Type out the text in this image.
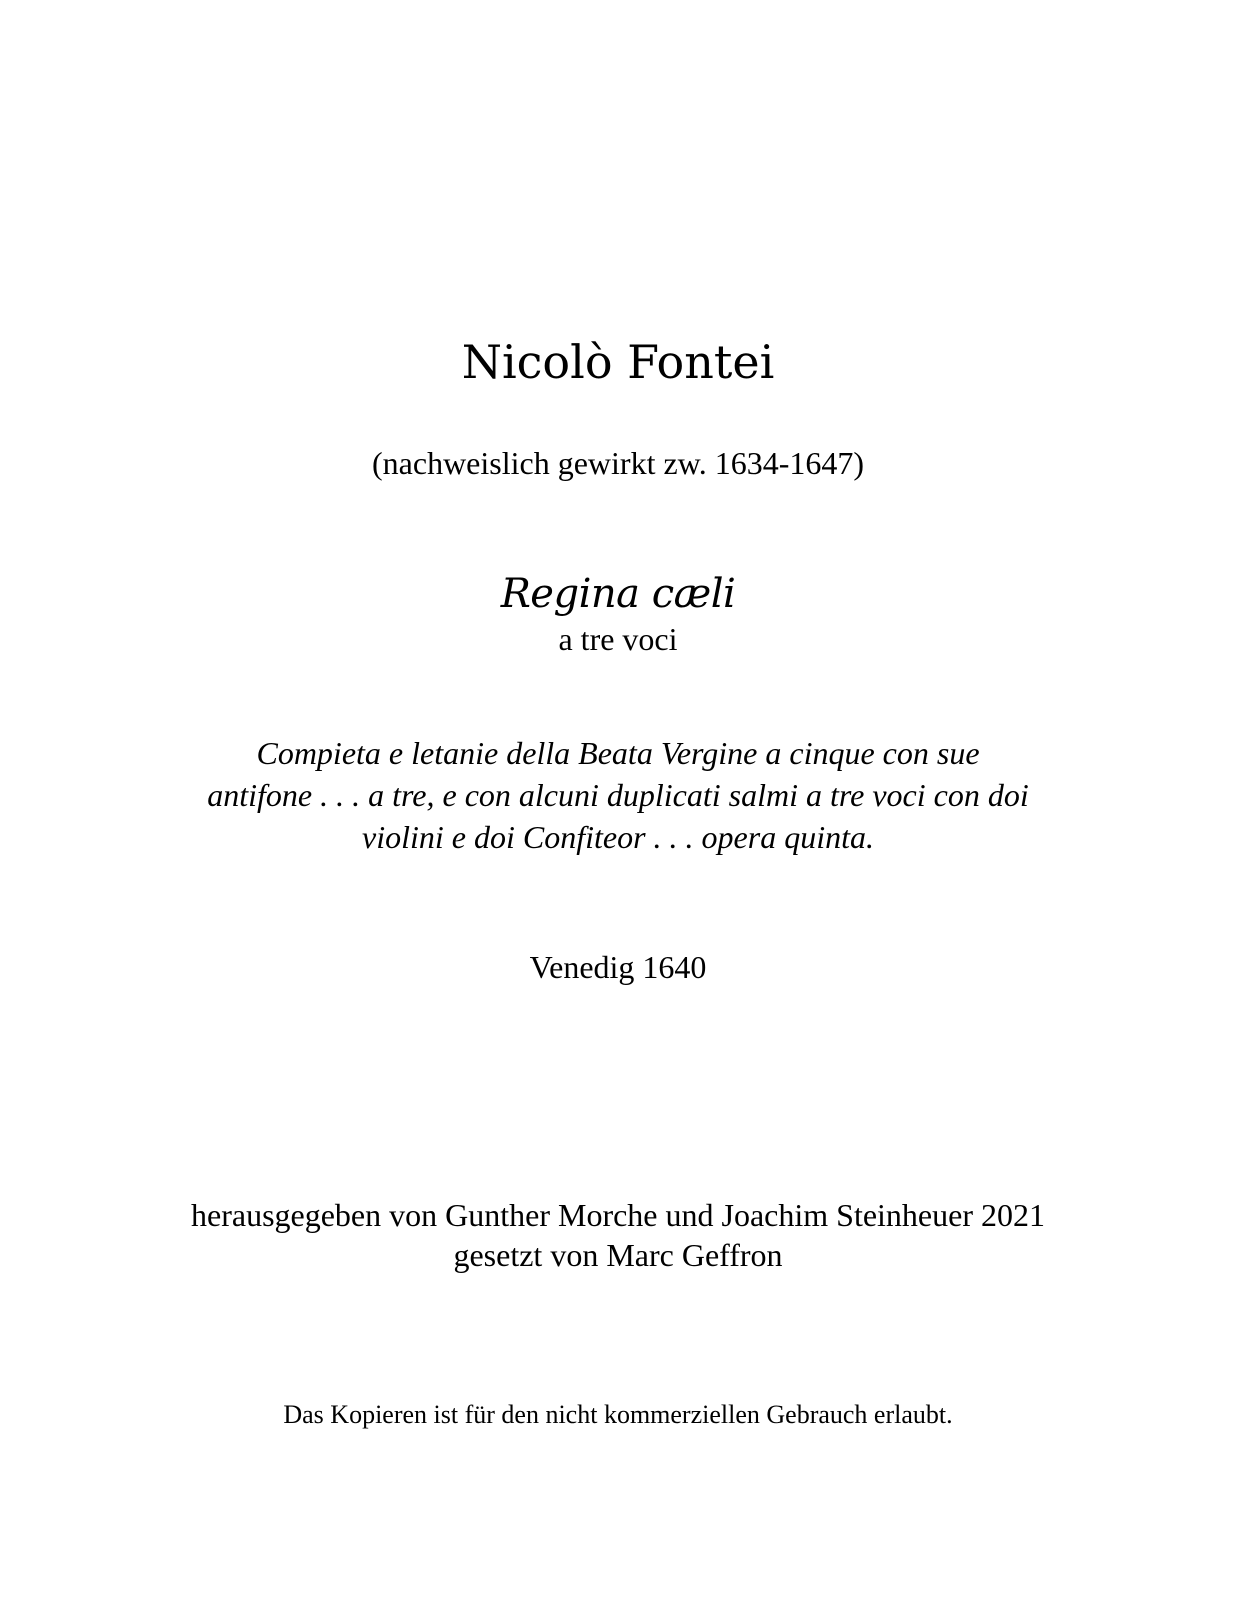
Nicolò Fontei

(nachweislich gewirkt zw. 1634-1647)

Regina cæli

a tre voci

Compieta e letanie della Beata Vergine a cinque con sue

antifone . . . a tre, e con alcuni duplicati salmi a tre voci con doi

violini e doi Confiteor . . . opera quinta.

Venedig 1640

herausgegeben von Gunther Morche und Joachim Steinheuer 2021

gesetzt von Marc Geffron

Das Kopieren ist für den nicht kommerziellen Gebrauch erlaubt.
